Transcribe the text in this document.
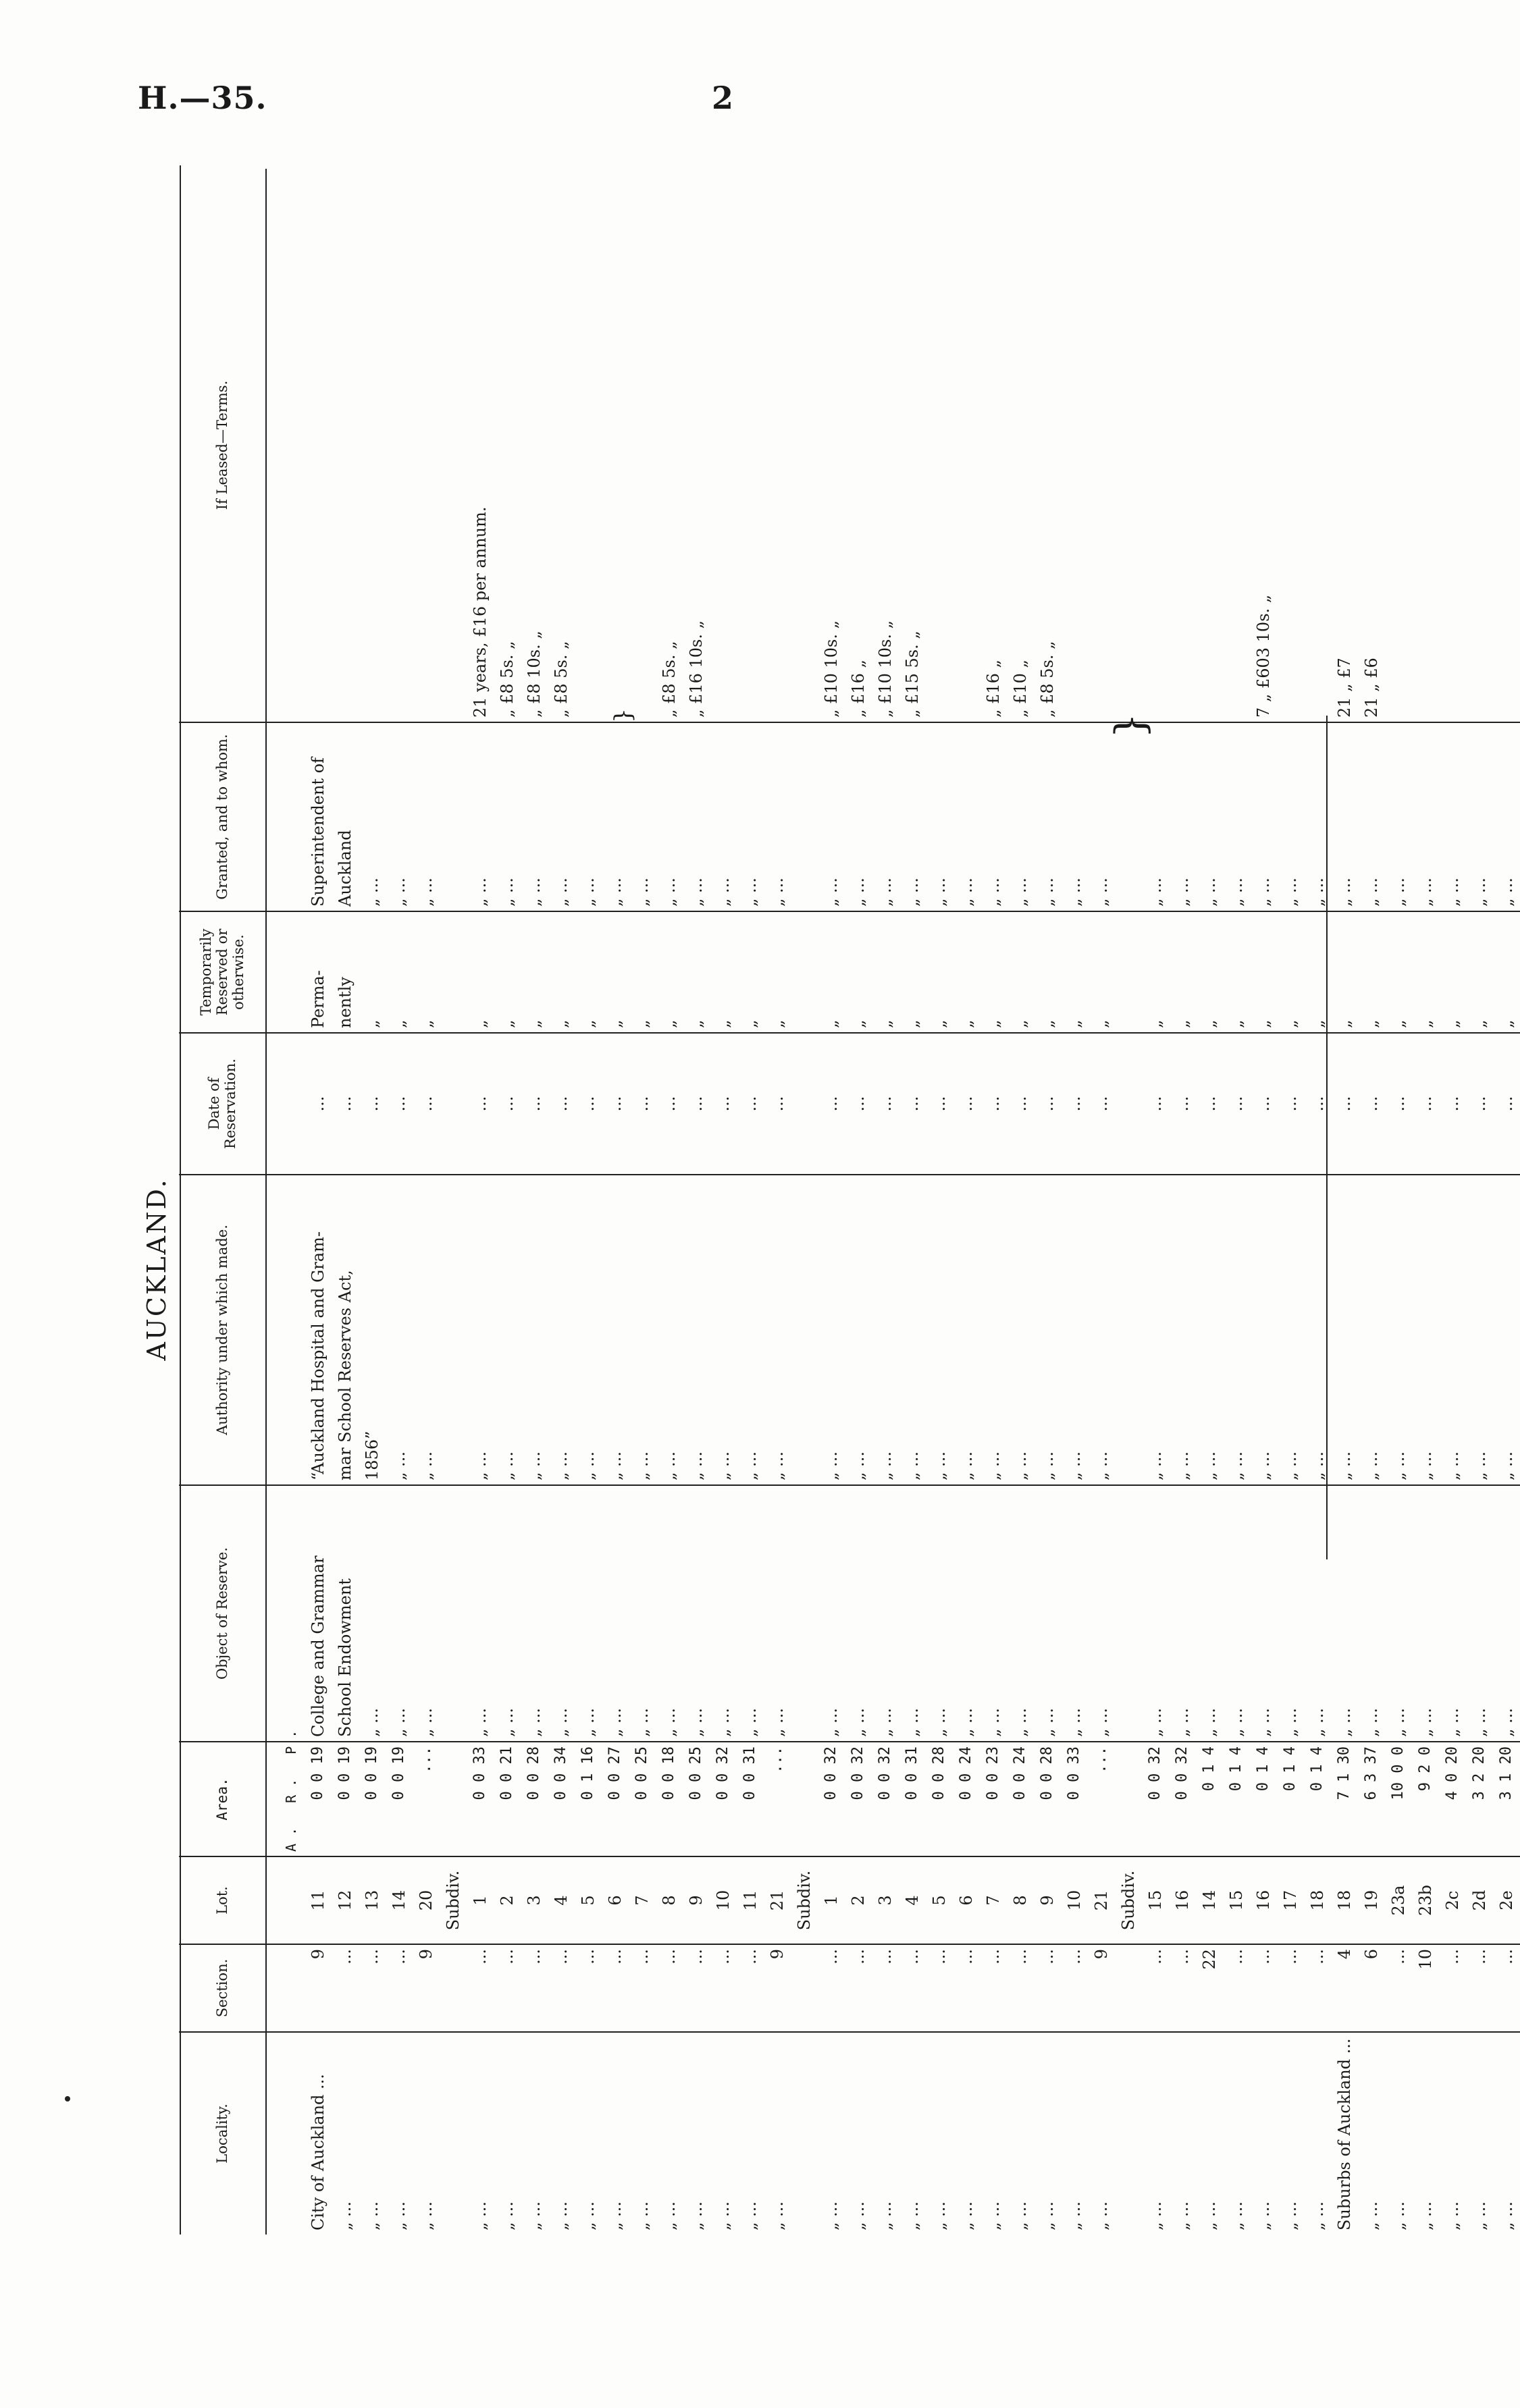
H.—35.	2
AUCKLAND.
Locality.	Section.	Lot.	Area.	Object of Reserve.	Authority under which made.	Date of Reservation.	Temporarily Reserved or otherwise.	Granted, and to whom.	If Leased—Terms.
			A. R. P.						
City of Auckland ...	9	11	0 0 19	College and Grammar	“Auckland Hospital and Gram-	...	Perma-	Superintendent of	
„ ...	...	12	0 0 19	School Endowment	mar School Reserves Act,	...	nently	Auckland	
„ ...	...	13	0 0 19	„ ...	1856”	...	„	„ ...	
„ ...	...	14	0 0 19	„ ...	„ ...	...	„	„ ...	
„ ...	9	20	...	„ ...	„ ...	...	„	„ ...	
		Subdiv.							
„ ...	...	1	0 0 33	„ ...	„ ...	...	„	„ ...	21 years, £16 per annum.
„ ...	...	2	0 0 21	„ ...	„ ...	...	„	„ ...	„ £8 5s. „
„ ...	...	3	0 0 28	„ ...	„ ...	...	„	„ ...	„ £8 10s. „
„ ...	...	4	0 0 34	„ ...	„ ...	...	„	„ ...	„ £8 5s. „
„ ...	...	5	0 1 16	„ ...	„ ...	...	„	„ ...	
„ ...	...	6	0 0 27	„ ...	„ ...	...	„	„ ...	
„ ...	...	7	0 0 25	„ ...	„ ...	...	„	„ ...	
„ ...	...	8	0 0 18	„ ...	„ ...	...	„	„ ...	„ £8 5s. „
„ ...	...	9	0 0 25	„ ...	„ ...	...	„	„ ...	„ £16 10s. „
„ ...	...	10	0 0 32	„ ...	„ ...	...	„	„ ...	
„ ...	...	11	0 0 31	„ ...	„ ...	...	„	„ ...	
„ ...	9	21	...	„ ...	„ ...	...	„	„ ...	
		Subdiv.							
„ ...	...	1	0 0 32	„ ...	„ ...	...	„	„ ...	„ £10 10s. „
„ ...	...	2	0 0 32	„ ...	„ ...	...	„	„ ...	„ £16 „
„ ...	...	3	0 0 32	„ ...	„ ...	...	„	„ ...	„ £10 10s. „
„ ...	...	4	0 0 31	„ ...	„ ...	...	„	„ ...	„ £15 5s. „
„ ...	...	5	0 0 28	„ ...	„ ...	...	„	„ ...	
„ ...	...	6	0 0 24	„ ...	„ ...	...	„	„ ...	
„ ...	...	7	0 0 23	„ ...	„ ...	...	„	„ ...	„ £16 „
„ ...	...	8	0 0 24	„ ...	„ ...	...	„	„ ...	„ £10 „
„ ...	...	9	0 0 28	„ ...	„ ...	...	„	„ ...	„ £8 5s. „
„ ...	...	10	0 0 33	„ ...	„ ...	...	„	„ ...	
„ ...	9	21	...	„ ...	„ ...	...	„	„ ...	
		Subdiv.							
„ ...	...	15	0 0 32	„ ...	„ ...	...	„	„ ...	
„ ...	...	16	0 0 32	„ ...	„ ...	...	„	„ ...	
„ ...	22	14	0 1 4	„ ...	„ ...	...	„	„ ...	
„ ...	...	15	0 1 4	„ ...	„ ...	...	„	„ ...	
„ ...	...	16	0 1 4	„ ...	„ ...	...	„	„ ...	7 „ £603 10s. „
„ ...	...	17	0 1 4	„ ...	„ ...	...	„	„ ...	
„ ...	...	18	0 1 4	„ ...	„ ...	...	„	„ ...	
Suburbs of Auckland ...	4	18	7 1 30	„ ...	„ ...	...	„	„ ...	21 „ £7
„ ...	6	19	6 3 37	„ ...	„ ...	...	„	„ ...	21 „ £6
„ ...	...	23a	10 0 0	„ ...	„ ...	...	„	„ ...	
„ ...	10	23b	9 2 0	„ ...	„ ...	...	„	„ ...	
„ ...	...	2c	4 0 20	„ ...	„ ...	...	„	„ ...	
„ ...	...	2d	3 2 20	„ ...	„ ...	...	„	„ ...	
„ ...	...	2e	3 1 20	„ ...	„ ...	...	„	„ ...	
}	}
